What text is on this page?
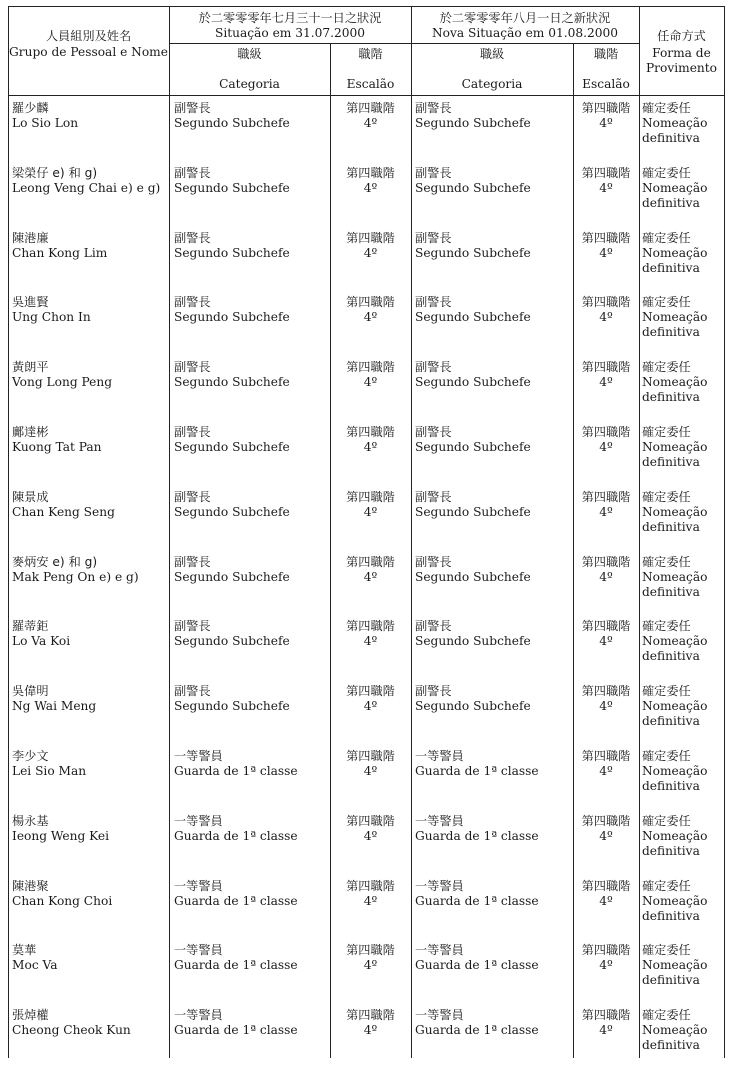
人員組別及姓名
Grupo de Pessoal e Nome
於二零零零年七月三十一日之狀況
Situação em 31.07.2000
職級
Categoria
職階
Escalão
於二零零零年八月一日之新狀況
Nova Situação em 01.08.2000
職級
Categoria
職階
Escalão
任命方式
Forma de
Provimento
羅少麟
Lo Sio Lon
副警長
Segundo Subchefe
第四職階
4º
副警長
Segundo Subchefe
第四職階
4º
確定委任
Nomeação
definitiva
梁榮仔 e) 和 g)
Leong Veng Chai e) e g)
副警長
Segundo Subchefe
第四職階
4º
副警長
Segundo Subchefe
第四職階
4º
確定委任
Nomeação
definitiva
陳港廉
Chan Kong Lim
副警長
Segundo Subchefe
第四職階
4º
副警長
Segundo Subchefe
第四職階
4º
確定委任
Nomeação
definitiva
吳進賢
Ung Chon In
副警長
Segundo Subchefe
第四職階
4º
副警長
Segundo Subchefe
第四職階
4º
確定委任
Nomeação
definitiva
黃朗平
Vong Long Peng
副警長
Segundo Subchefe
第四職階
4º
副警長
Segundo Subchefe
第四職階
4º
確定委任
Nomeação
definitiva
鄺達彬
Kuong Tat Pan
副警長
Segundo Subchefe
第四職階
4º
副警長
Segundo Subchefe
第四職階
4º
確定委任
Nomeação
definitiva
陳景成
Chan Keng Seng
副警長
Segundo Subchefe
第四職階
4º
副警長
Segundo Subchefe
第四職階
4º
確定委任
Nomeação
definitiva
麥炳安 e) 和 g)
Mak Peng On e) e g)
副警長
Segundo Subchefe
第四職階
4º
副警長
Segundo Subchefe
第四職階
4º
確定委任
Nomeação
definitiva
羅蒂鉅
Lo Va Koi
副警長
Segundo Subchefe
第四職階
4º
副警長
Segundo Subchefe
第四職階
4º
確定委任
Nomeação
definitiva
吳偉明
Ng Wai Meng
副警長
Segundo Subchefe
第四職階
4º
副警長
Segundo Subchefe
第四職階
4º
確定委任
Nomeação
definitiva
李少文
Lei Sio Man
一等警員
Guarda de 1ª classe
第四職階
4º
一等警員
Guarda de 1ª classe
第四職階
4º
確定委任
Nomeação
definitiva
楊永基
Ieong Weng Kei
一等警員
Guarda de 1ª classe
第四職階
4º
一等警員
Guarda de 1ª classe
第四職階
4º
確定委任
Nomeação
definitiva
陳港聚
Chan Kong Choi
一等警員
Guarda de 1ª classe
第四職階
4º
一等警員
Guarda de 1ª classe
第四職階
4º
確定委任
Nomeação
definitiva
莫華
Moc Va
一等警員
Guarda de 1ª classe
第四職階
4º
一等警員
Guarda de 1ª classe
第四職階
4º
確定委任
Nomeação
definitiva
張焯權
Cheong Cheok Kun
一等警員
Guarda de 1ª classe
第四職階
4º
一等警員
Guarda de 1ª classe
第四職階
4º
確定委任
Nomeação
definitiva
